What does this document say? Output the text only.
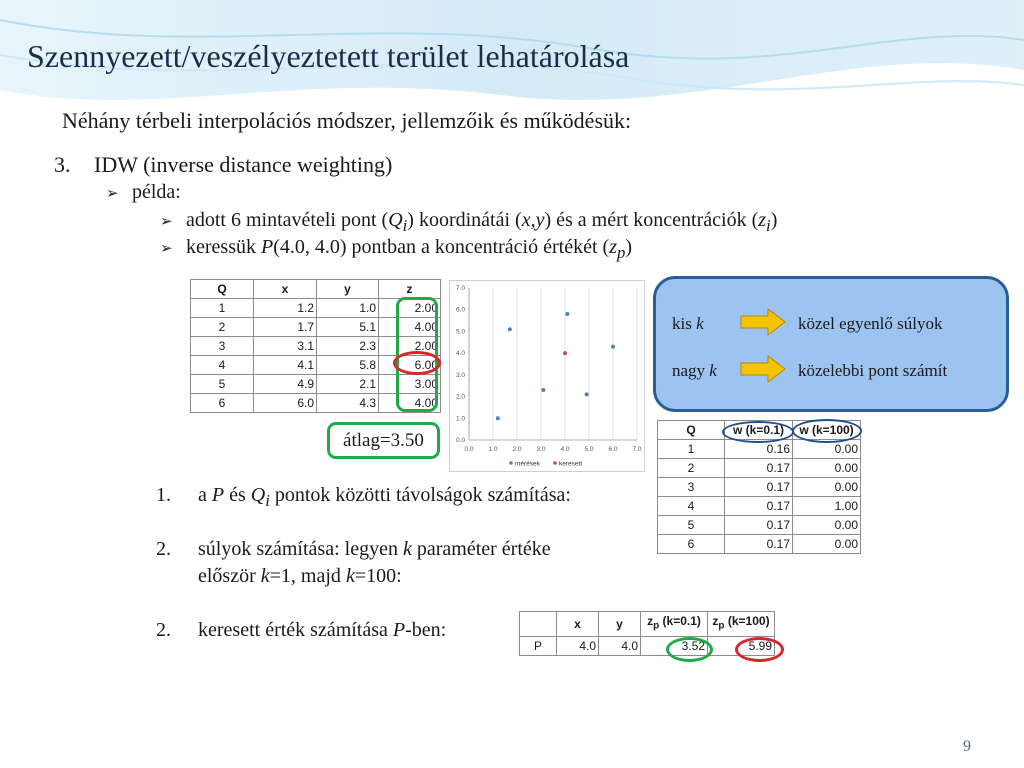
Szennyezett/veszélyeztetett terület lehatárolása
Néhány térbeli interpolációs módszer, jellemzőik és működésük:
3. IDW (inverse distance weighting)
➢ példa:
➢ adott 6 mintavételi pont $(Q_i)$ koordinátái (x,y) és a mért koncentrációk $(z_i)$
➢ keressük P(4.0, 4.0) pontban a koncentráció értékét $(z_p)$
Q	x	y	z
1	1.2	1.0	2.00
2	1.7	5.1	4.00
3	3.1	2.3	2.00
4	4.1	5.8	6.00
5	4.9	2.1	3.00
6	6.0	4.3	4.00
átlag=3.50	0.0 1.0 2.0 3.0 4.0 5.0 6.0 7.0
0.0
1.0
2.0
3.0
4.0
5.0
6.0
7.0
mérések	keresett
kis k	közel egyenlő súlyok
nagy k	közelebbi pont számít
Q	w (k=0.1)	w (k=100)
1	0.16	0.00
2	0.17	0.00
3	0.17	0.00
4	0.17	1.00
5	0.17	0.00
6	0.17	0.00
1. a P és $Q_i$ pontok közötti távolságok számítása:
2. súlyok számítása: legyen k paraméter értéke
először k=1, majd k=100:
2. keresett érték számítása P-ben:
		x	y	$z_p$ (k=0.1)	$z_p$ (k=100)
P	4.0	4.0	3.52	5.99
9
